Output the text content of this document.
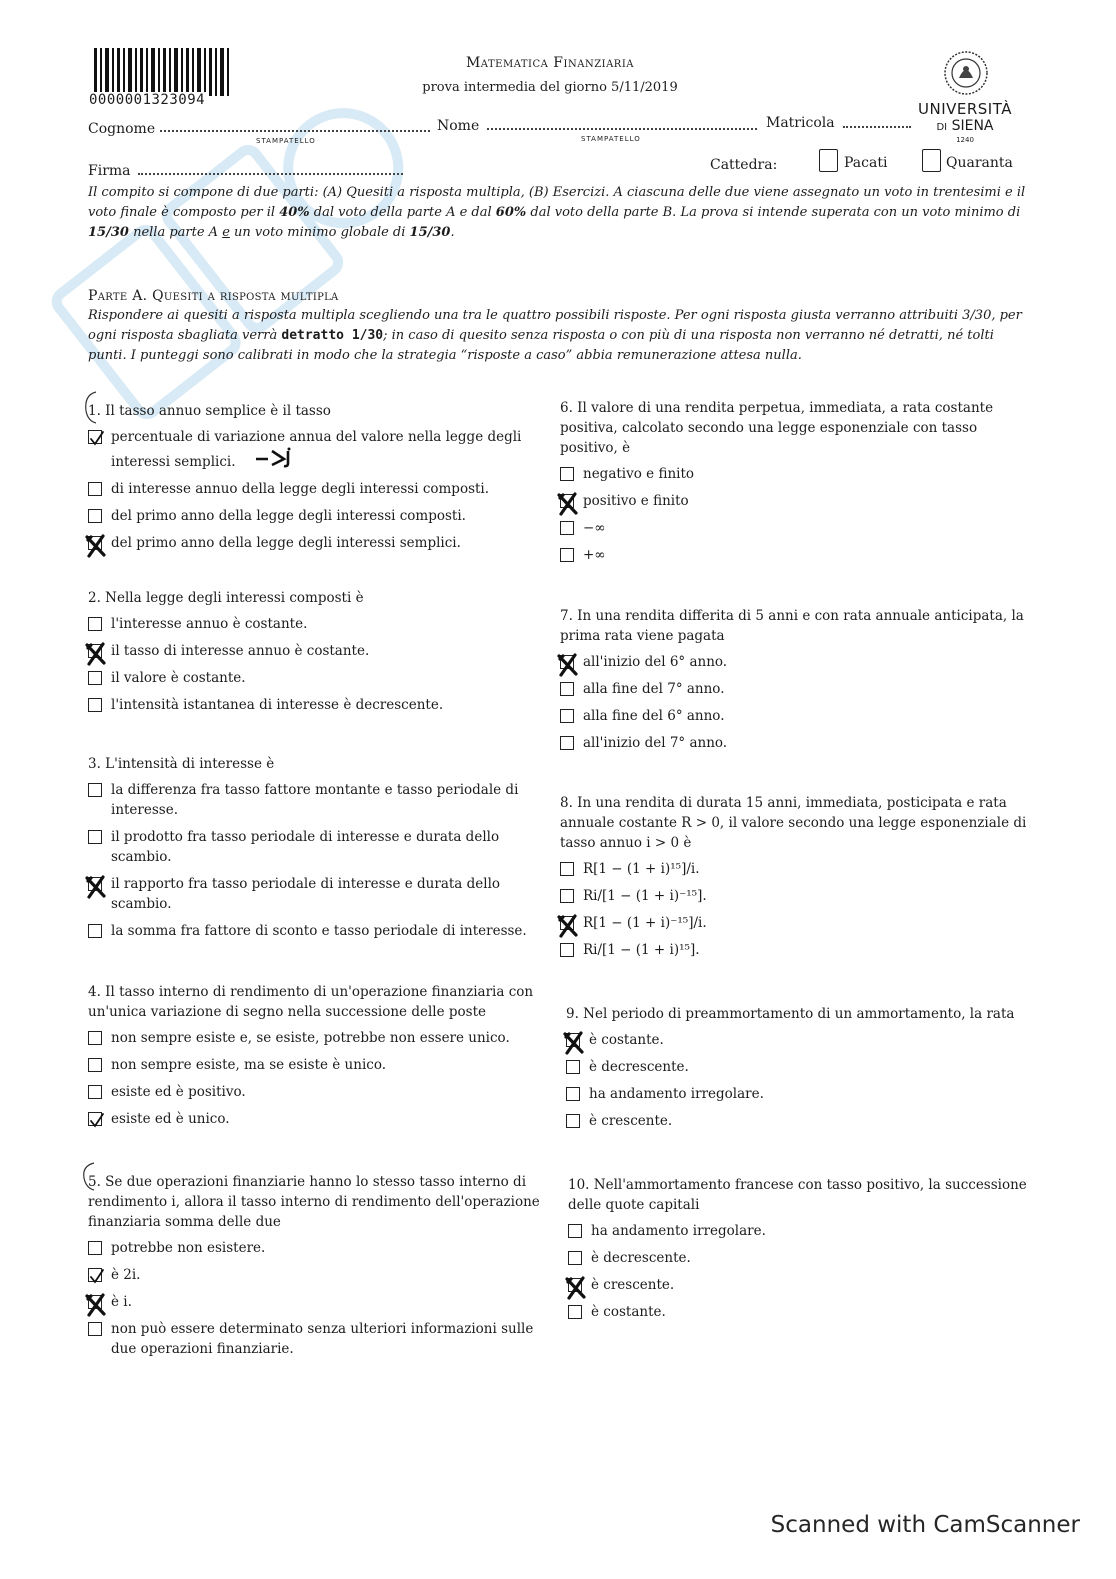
0000001323094
Matematica Finanziaria
prova intermedia del giorno 5/11/2019
UNIVERSITÀ
DI SIENA
1240
Cognome
STAMPATELLO
Nome
STAMPATELLO
Matricola
Firma	Cattedra:	Pacati	Quaranta
Il compito si compone di due parti: (A) Quesiti a risposta multipla, (B) Esercizi. A ciascuna delle due viene assegnato un voto in trentesimi e il voto finale è composto per il 40% dal voto della parte A e dal 60% dal voto della parte B. La prova si intende superata con un voto minimo di 15/30 nella parte A e un voto minimo globale di 15/30.
Parte A. Quesiti a risposta multipla
Rispondere ai quesiti a risposta multipla scegliendo una tra le quattro possibili risposte. Per ogni risposta giusta verranno attribuiti 3/30, per ogni risposta sbagliata verrà detratto 1/30; in caso di quesito senza risposta o con più di una risposta non verranno né detratti, né tolti punti. I punteggi sono calibrati in modo che la strategia “risposte a caso” abbia remunerazione attesa nulla.
1. Il tasso annuo semplice è il tasso
percentuale di variazione annua del valore nella legge degli interessi semplici.
di interesse annuo della legge degli interessi composti.
del primo anno della legge degli interessi composti.
del primo anno della legge degli interessi semplici.
2. Nella legge degli interessi composti è
l'interesse annuo è costante.
il tasso di interesse annuo è costante.
il valore è costante.
l'intensità istantanea di interesse è decrescente.
3. L'intensità di interesse è
la differenza fra tasso fattore montante e tasso periodale di interesse.
il prodotto fra tasso periodale di interesse e durata dello scambio.
il rapporto fra tasso periodale di interesse e durata dello scambio.
la somma fra fattore di sconto e tasso periodale di interesse.
4. Il tasso interno di rendimento di un'operazione finanziaria con un'unica variazione di segno nella successione delle poste
non sempre esiste e, se esiste, potrebbe non essere unico.
non sempre esiste, ma se esiste è unico.
esiste ed è positivo.
esiste ed è unico.
5. Se due operazioni finanziarie hanno lo stesso tasso interno di rendimento i, allora il tasso interno di rendimento dell'operazione finanziaria somma delle due
potrebbe non esistere.
è 2i.
è i.
non può essere determinato senza ulteriori informazioni sulle due operazioni finanziarie.
6. Il valore di una rendita perpetua, immediata, a rata costante positiva, calcolato secondo una legge esponenziale con tasso positivo, è
negativo e finito
positivo e finito
−∞
+∞
7. In una rendita differita di 5 anni e con rata annuale anticipata, la prima rata viene pagata
all'inizio del 6° anno.
alla fine del 7° anno.
alla fine del 6° anno.
all'inizio del 7° anno.
8. In una rendita di durata 15 anni, immediata, posticipata e rata annuale costante R > 0, il valore secondo una legge esponenziale di tasso annuo i > 0 è
R[1 − (1 + i)¹⁵]/i.
Ri/[1 − (1 + i)⁻¹⁵].
R[1 − (1 + i)⁻¹⁵]/i.
Ri/[1 − (1 + i)¹⁵].
9. Nel periodo di preammortamento di un ammortamento, la rata
è costante.
è decrescente.
ha andamento irregolare.
è crescente.
10. Nell'ammortamento francese con tasso positivo, la successione delle quote capitali
ha andamento irregolare.
è decrescente.
è crescente.
è costante.
Scanned with CamScanner
